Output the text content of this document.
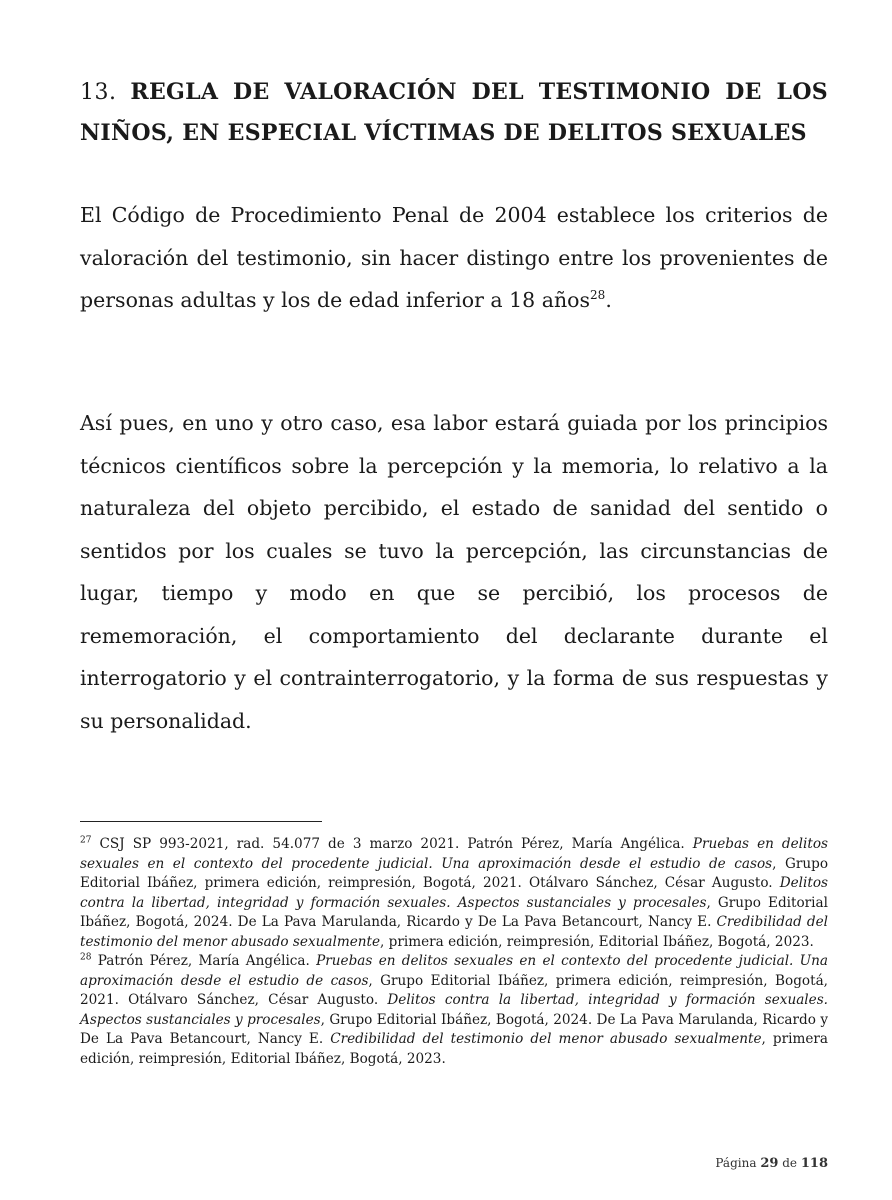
13. REGLA DE VALORACIÓN DEL TESTIMONIO DE LOS NIÑOS, EN ESPECIAL VÍCTIMAS DE DELITOS SEXUALES

El Código de Procedimiento Penal de 2004 establece los criterios de valoración del testimonio, sin hacer distingo entre los provenientes de personas adultas y los de edad inferior a 18 años$^{28}$.

Así pues, en uno y otro caso, esa labor estará guiada por los principios técnicos científicos sobre la percepción y la memoria, lo relativo a la naturaleza del objeto percibido, el estado de sanidad del sentido o sentidos por los cuales se tuvo la percepción, las circunstancias de lugar, tiempo y modo en que se percibió, los procesos de rememoración, el comportamiento del declarante durante el interrogatorio y el contrainterrogatorio, y la forma de sus respuestas y su personalidad.

$^{27}$ CSJ SP 993-2021, rad. 54.077 de 3 marzo 2021. Patrón Pérez, María Angélica. Pruebas en delitos sexuales en el contexto del procedente judicial. Una aproximación desde el estudio de casos, Grupo Editorial Ibáñez, primera edición, reimpresión, Bogotá, 2021. Otálvaro Sánchez, César Augusto. Delitos contra la libertad, integridad y formación sexuales. Aspectos sustanciales y procesales, Grupo Editorial Ibáñez, Bogotá, 2024. De La Pava Marulanda, Ricardo y De La Pava Betancourt, Nancy E. Credibilidad del testimonio del menor abusado sexualmente, primera edición, reimpresión, Editorial Ibáñez, Bogotá, 2023.

$^{28}$ Patrón Pérez, María Angélica. Pruebas en delitos sexuales en el contexto del procedente judicial. Una aproximación desde el estudio de casos, Grupo Editorial Ibáñez, primera edición, reimpresión, Bogotá, 2021. Otálvaro Sánchez, César Augusto. Delitos contra la libertad, integridad y formación sexuales. Aspectos sustanciales y procesales, Grupo Editorial Ibáñez, Bogotá, 2024. De La Pava Marulanda, Ricardo y De La Pava Betancourt, Nancy E. Credibilidad del testimonio del menor abusado sexualmente, primera edición, reimpresión, Editorial Ibáñez, Bogotá, 2023.

Página 29 de 118
